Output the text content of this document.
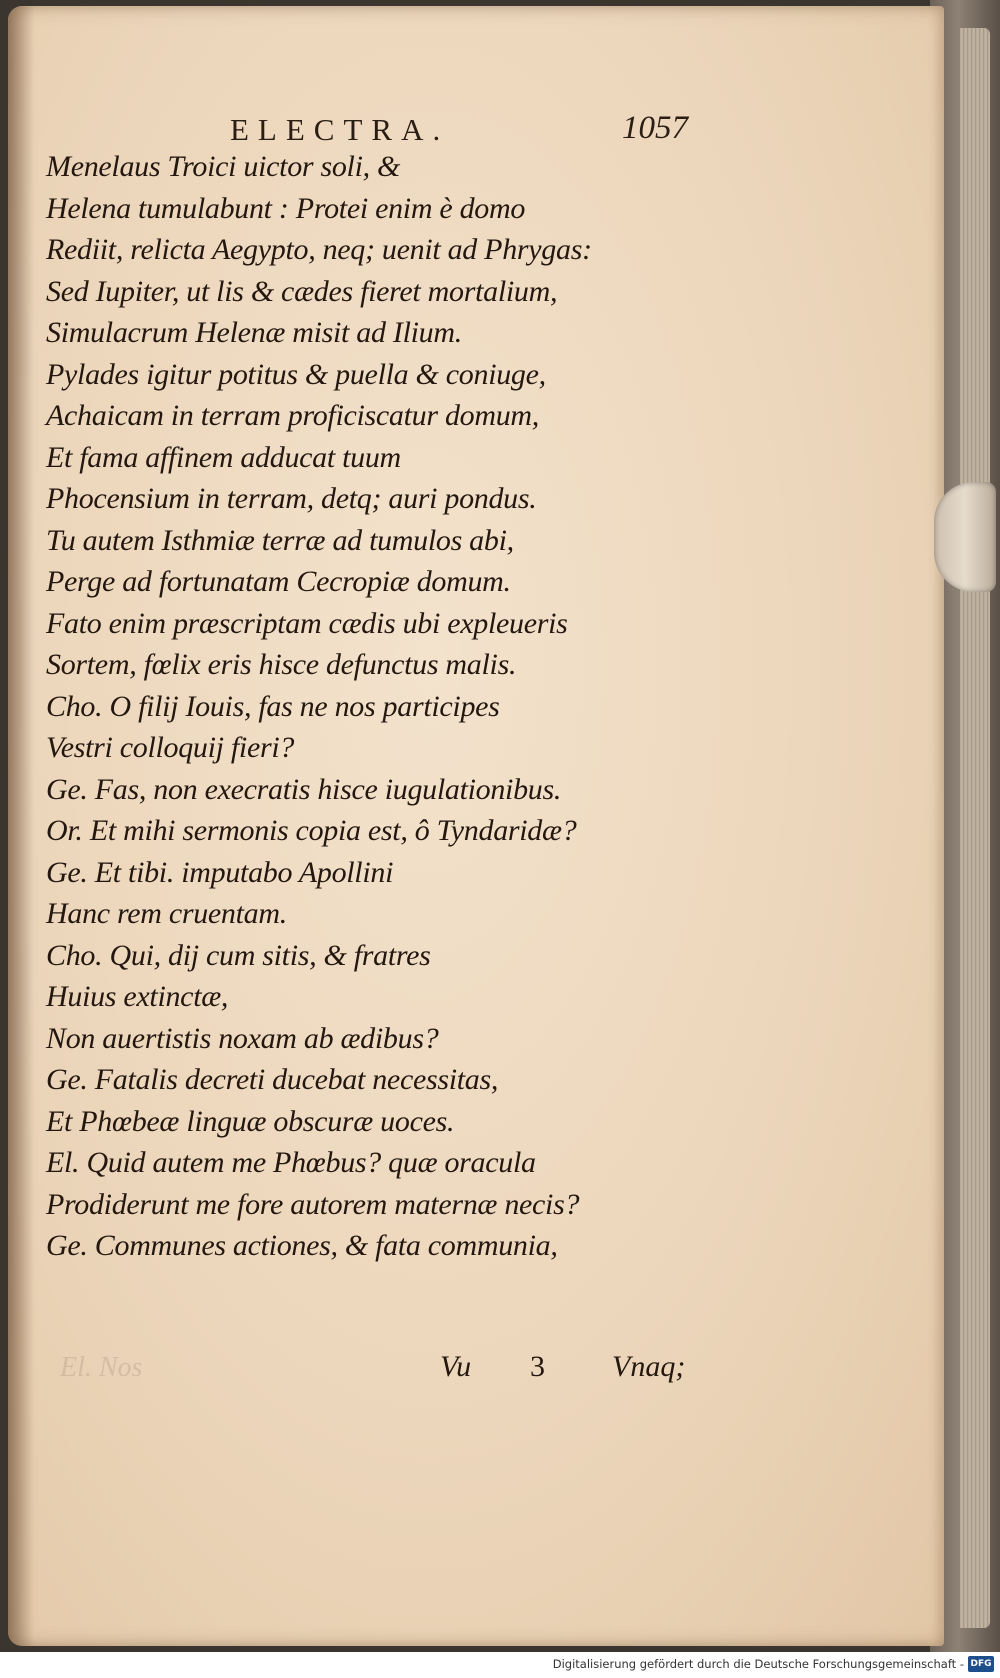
ELECTRA.	1057
Menelaus Troici uictor soli, &
Helena tumulabunt : Protei enim è domo
Rediit, relicta Aegypto, neq; uenit ad Phrygas:
Sed Iupiter, ut lis & cædes fieret mortalium,
Simulacrum Helenæ misit ad Ilium.
Pylades igitur potitus & puella & coniuge,
Achaicam in terram proficiscatur domum,
Et fama affinem adducat tuum
Phocensium in terram, detq; auri pondus.
Tu autem Isthmiæ terræ ad tumulos abi,
Perge ad fortunatam Cecropiæ domum.
Fato enim præscriptam cædis ubi expleueris
Sortem, fœlix eris hisce defunctus malis.
Cho. O filij Iouis, fas ne nos participes
Vestri colloquij fieri?
Ge. Fas, non execratis hisce iugulationibus.
Or. Et mihi sermonis copia est, ô Tyndaridæ?
Ge. Et tibi. imputabo Apollini
Hanc rem cruentam.
Cho. Qui, dij cum sitis, & fratres
Huius extinctæ,
Non auertistis noxam ab ædibus?
Ge. Fatalis decreti ducebat necessitas,
Et Phœbeæ linguæ obscuræ uoces.
El. Quid autem me Phœbus? quæ oracula
Prodiderunt me fore autorem maternæ necis?
Ge. Communes actiones, & fata communia,
El. Nos	Vu 3 Vnaq;
Digitalisierung gefördert durch die Deutsche Forschungsgemeinschaft - DFG
